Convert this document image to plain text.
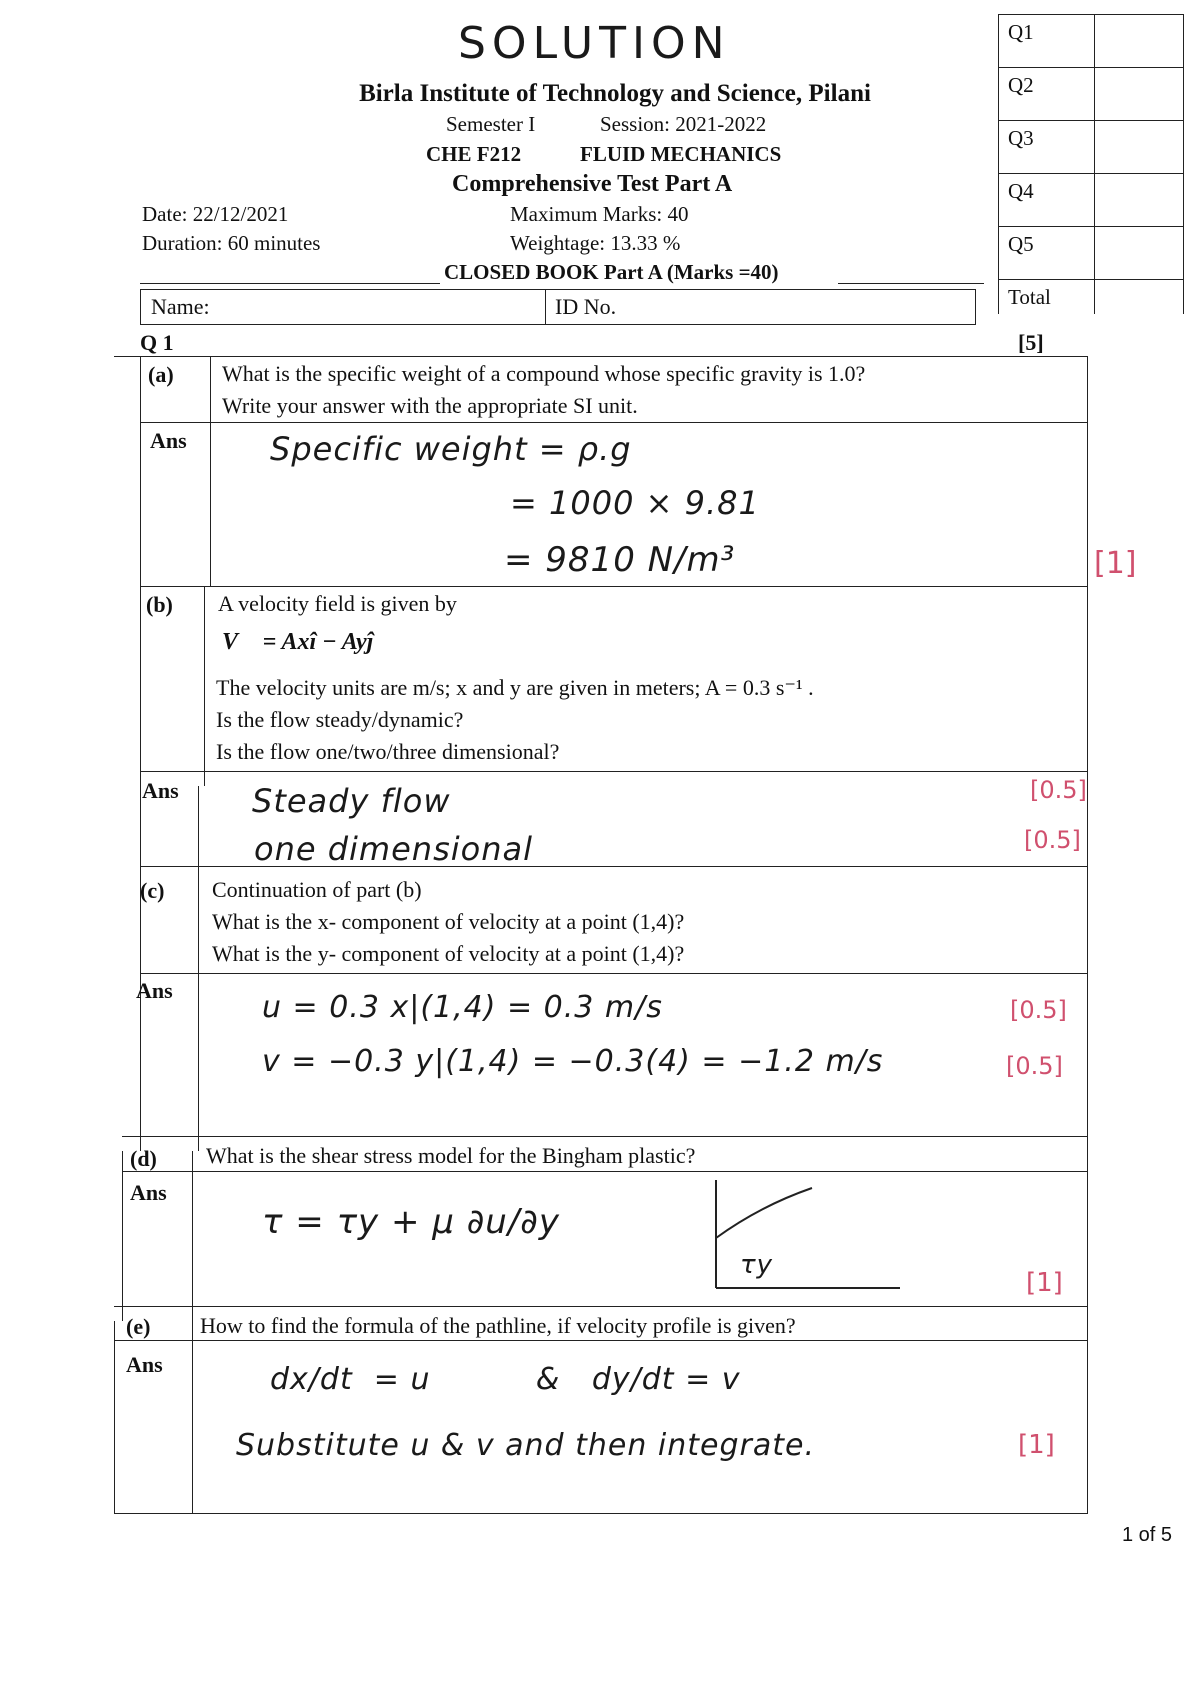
SOLUTION
Birla Institute of Technology and Science, Pilani
Semester I	Session: 2021-2022
CHE F212	FLUID MECHANICS
Comprehensive Test Part A
Date: 22/12/2021
Duration: 60 minutes
Maximum Marks: 40
Weightage: 13.33 %
CLOSED BOOK Part A (Marks =40)
Q1
Q2
Q3
Q4
Q5
Total
Name:	ID No.
Q 1	[5]
(a) What is the specific weight of a compound whose specific gravity is 1.0?
Write your answer with the appropriate SI unit.
Ans	Specific weight = ρ.g
= 1000 × 9.81
= 9810 N/m³	[1]
(b) A velocity field is given by
V⃗ = Axî − Ayĵ
The velocity units are m/s; x and y are given in meters; A = 0.3 s⁻¹ .
Is the flow steady/dynamic?
Is the flow one/two/three dimensional?
Ans Steady flow
one dimensional
[0.5]
[0.5]
(c) Continuation of part (b)
What is the x- component of velocity at a point (1,4)?
What is the y- component of velocity at a point (1,4)?
Ans	u = 0.3 x|(1,4) = 0.3 m/s
v = −0.3 y|(1,4) = −0.3(4) = −1.2 m/s
[0.5]
[0.5]
(d) What is the shear stress model for the Bingham plastic?
Ans
τ = τy + μ ∂u/∂y
τy
[1]
(e) How to find the formula of the pathline, if velocity profile is given?
Ans	dx/dt  = u          &   dy/dt = v
Substitute u & v and then integrate.	[1]
1 of 5
